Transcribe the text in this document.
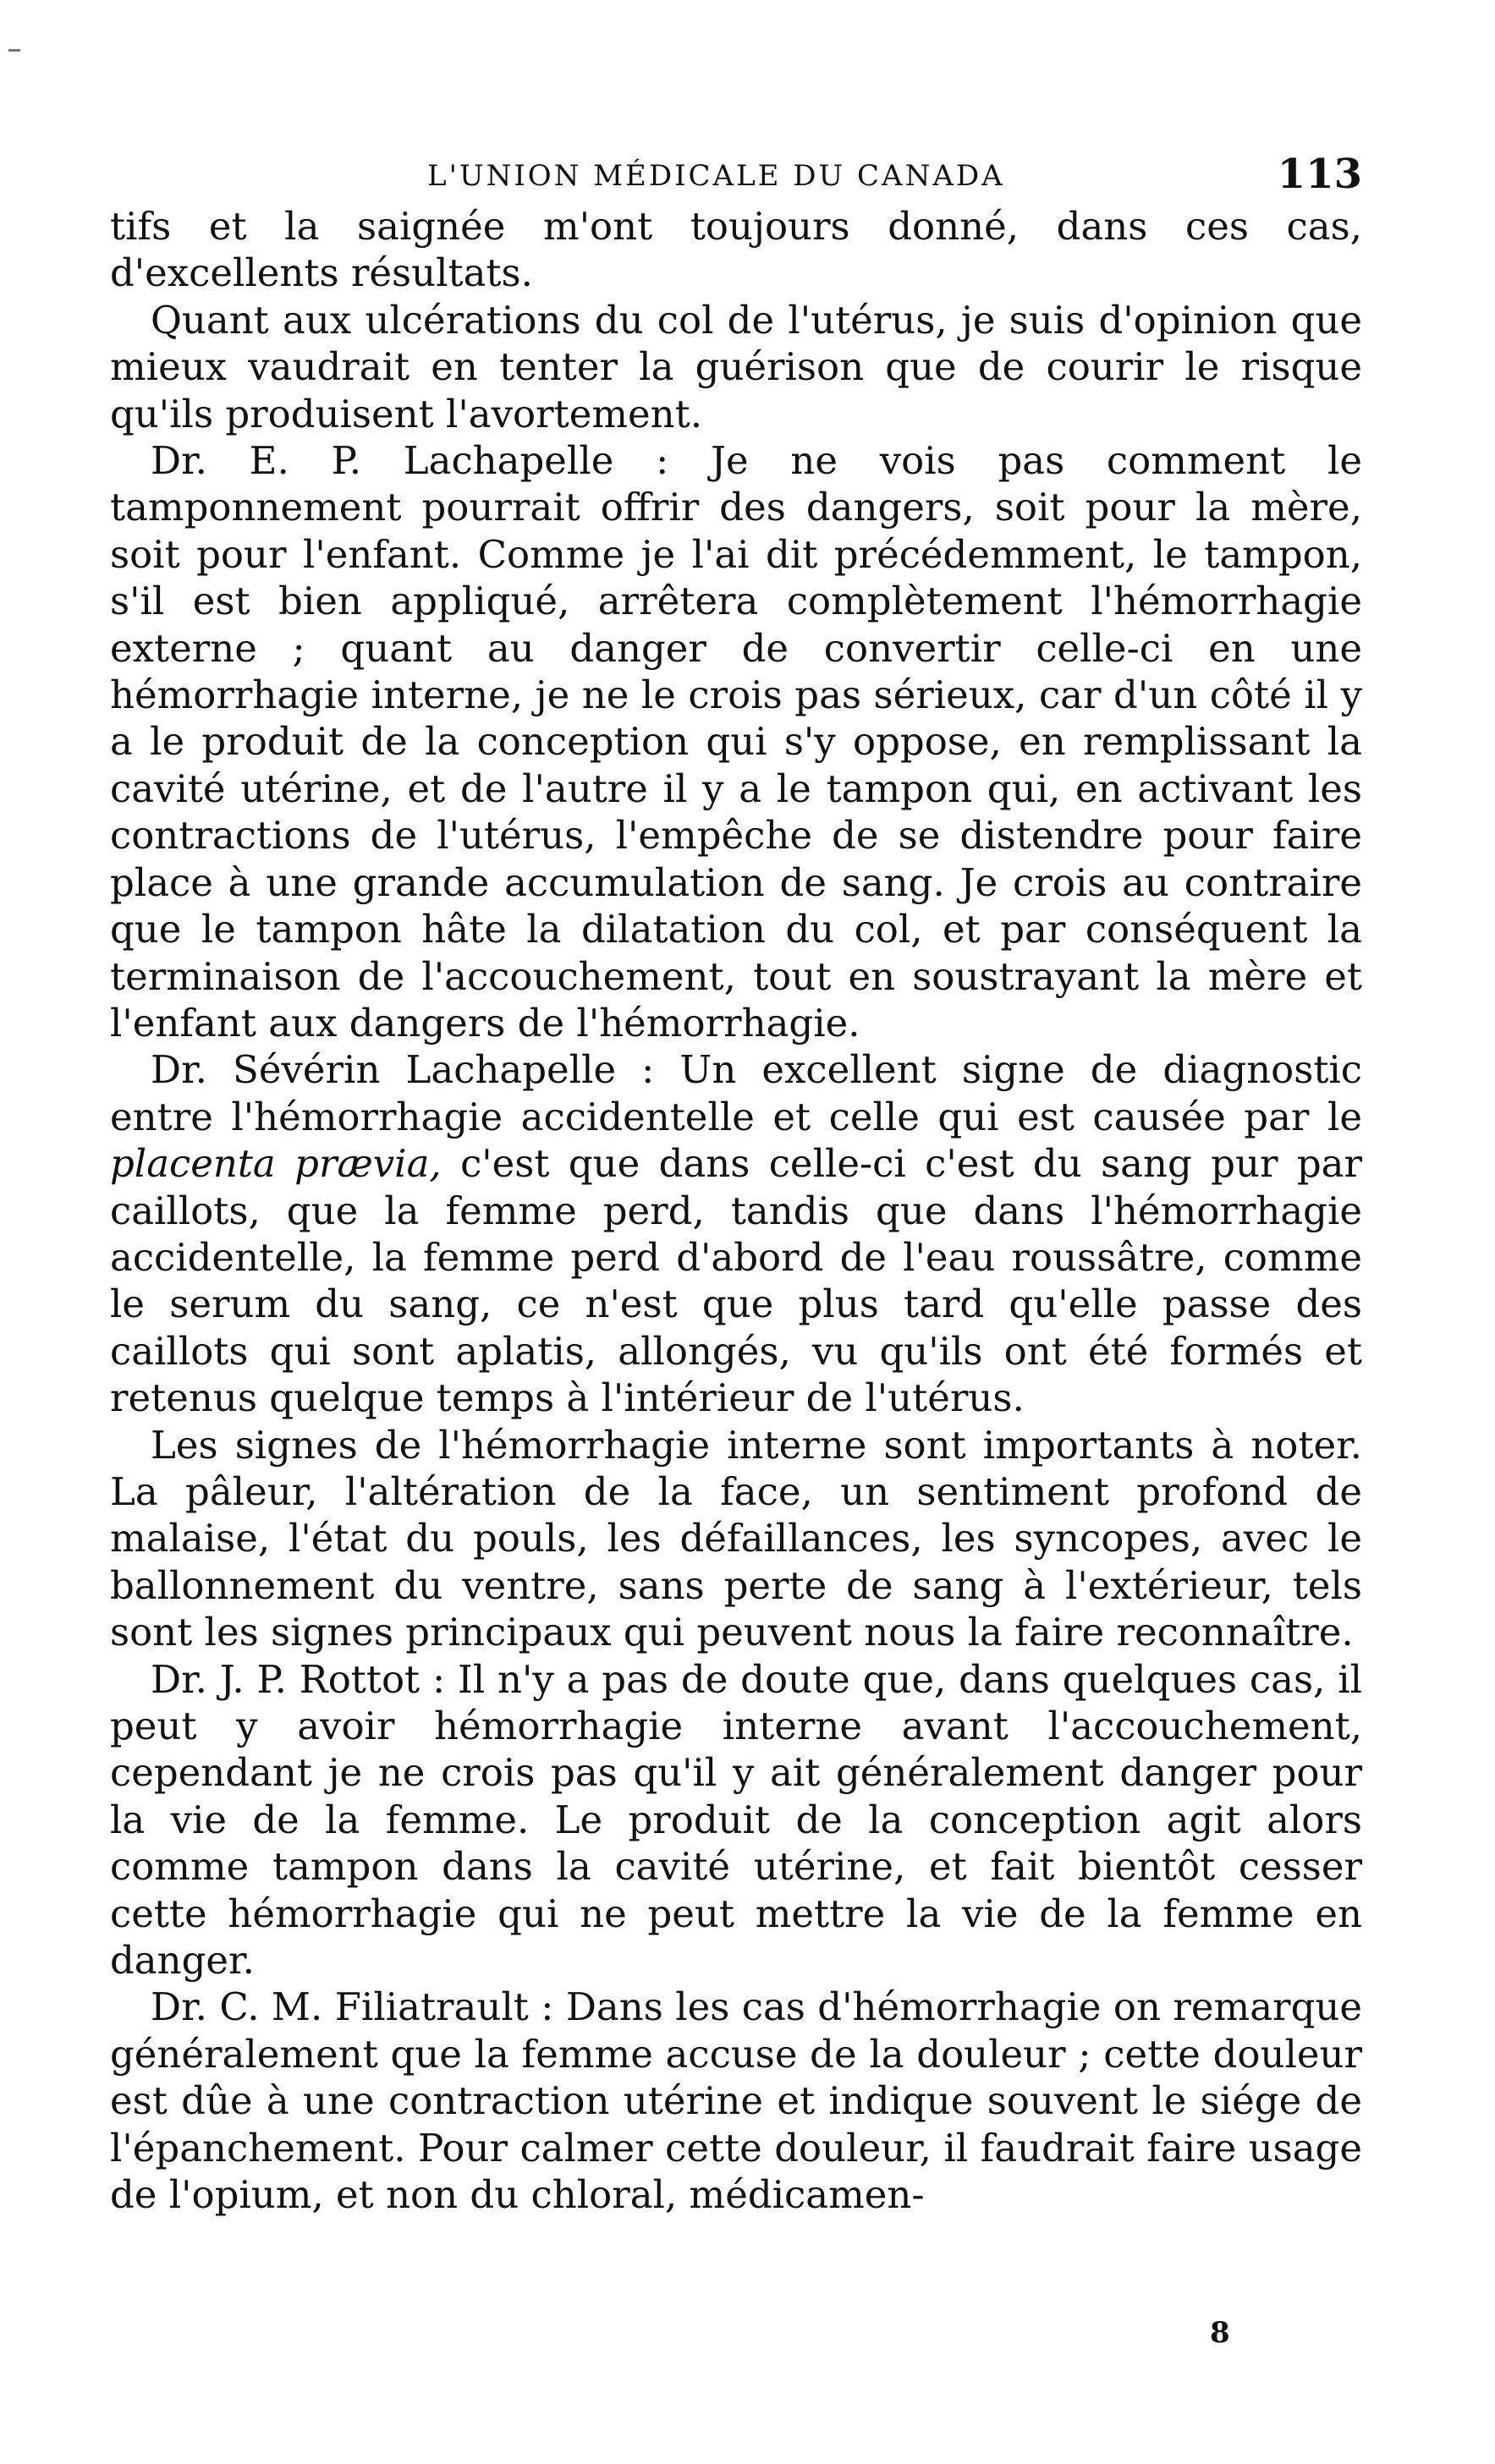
L'UNION MÉDICALE DU CANADA	113

tifs et la saignée m'ont toujours donné, dans ces cas, d'excellents résultats.

Quant aux ulcérations du col de l'utérus, je suis d'opinion que mieux vaudrait en tenter la guérison que de courir le risque qu'ils produisent l'avortement.

Dr. E. P. Lachapelle : Je ne vois pas comment le tamponnement pourrait offrir des dangers, soit pour la mère, soit pour l'enfant. Comme je l'ai dit précédemment, le tampon, s'il est bien appliqué, arrêtera complètement l'hémorrhagie externe ; quant au danger de convertir celle-ci en une hémorrhagie interne, je ne le crois pas sérieux, car d'un côté il y a le produit de la conception qui s'y oppose, en remplissant la cavité utérine, et de l'autre il y a le tampon qui, en activant les contractions de l'utérus, l'empêche de se distendre pour faire place à une grande accumulation de sang. Je crois au contraire que le tampon hâte la dilatation du col, et par conséquent la terminaison de l'accouchement, tout en soustrayant la mère et l'enfant aux dangers de l'hémorrhagie.

Dr. Sévérin Lachapelle : Un excellent signe de diagnostic entre l'hémorrhagie accidentelle et celle qui est causée par le placenta prævia, c'est que dans celle-ci c'est du sang pur par caillots, que la femme perd, tandis que dans l'hémorrhagie accidentelle, la femme perd d'abord de l'eau roussâtre, comme le serum du sang, ce n'est que plus tard qu'elle passe des caillots qui sont aplatis, allongés, vu qu'ils ont été formés et retenus quelque temps à l'intérieur de l'utérus.

Les signes de l'hémorrhagie interne sont importants à noter. La pâleur, l'altération de la face, un sentiment profond de malaise, l'état du pouls, les défaillances, les syncopes, avec le ballonnement du ventre, sans perte de sang à l'extérieur, tels sont les signes principaux qui peuvent nous la faire reconnaître.

Dr. J. P. Rottot : Il n'y a pas de doute que, dans quelques cas, il peut y avoir hémorrhagie interne avant l'accouchement, cependant je ne crois pas qu'il y ait généralement danger pour la vie de la femme. Le produit de la conception agit alors comme tampon dans la cavité utérine, et fait bientôt cesser cette hémorrhagie qui ne peut mettre la vie de la femme en danger.

Dr. C. M. Filiatrault : Dans les cas d'hémorrhagie on remarque généralement que la femme accuse de la douleur ; cette douleur est dûe à une contraction utérine et indique souvent le siége de l'épanchement. Pour calmer cette douleur, il faudrait faire usage de l'opium, et non du chloral, médicamen-

8
